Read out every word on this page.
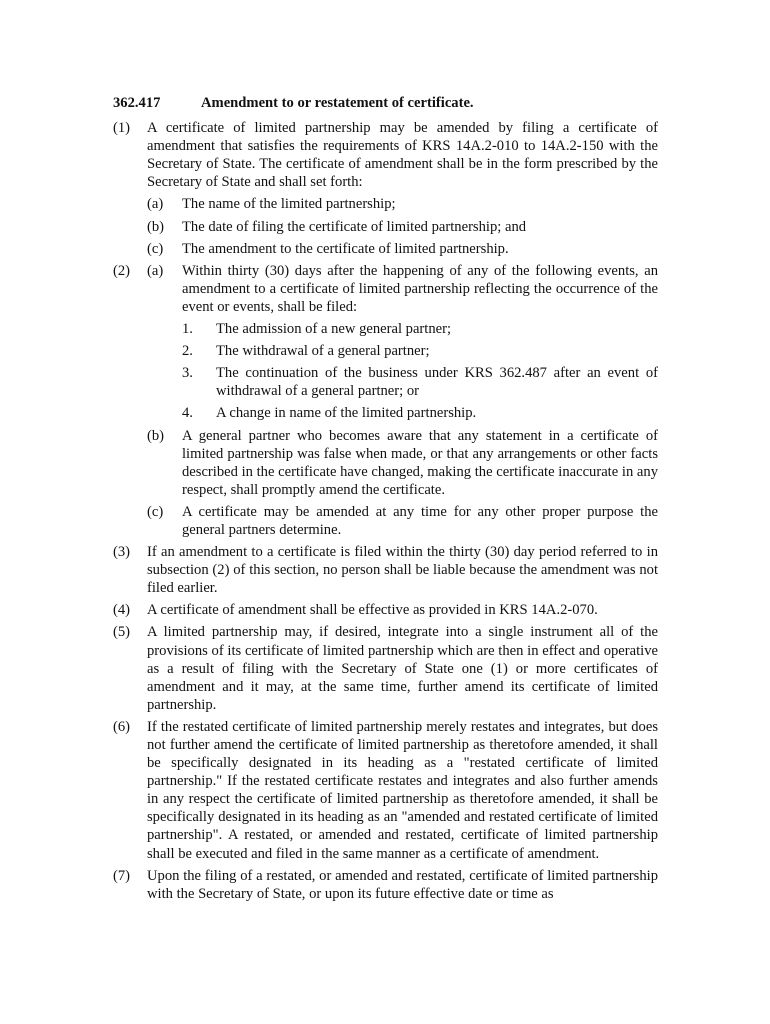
362.417	Amendment to or restatement of certificate.
(1) A certificate of limited partnership may be amended by filing a certificate of amendment that satisfies the requirements of KRS 14A.2-010 to 14A.2-150 with the Secretary of State. The certificate of amendment shall be in the form prescribed by the Secretary of State and shall set forth:
(a) The name of the limited partnership;
(b) The date of filing the certificate of limited partnership; and
(c) The amendment to the certificate of limited partnership.
(2) (a) Within thirty (30) days after the happening of any of the following events, an amendment to a certificate of limited partnership reflecting the occurrence of the event or events, shall be filed:
1. The admission of a new general partner;
2. The withdrawal of a general partner;
3. The continuation of the business under KRS 362.487 after an event of withdrawal of a general partner; or
4. A change in name of the limited partnership.
(b) A general partner who becomes aware that any statement in a certificate of limited partnership was false when made, or that any arrangements or other facts described in the certificate have changed, making the certificate inaccurate in any respect, shall promptly amend the certificate.
(c) A certificate may be amended at any time for any other proper purpose the general partners determine.
(3) If an amendment to a certificate is filed within the thirty (30) day period referred to in subsection (2) of this section, no person shall be liable because the amendment was not filed earlier.
(4) A certificate of amendment shall be effective as provided in KRS 14A.2-070.
(5) A limited partnership may, if desired, integrate into a single instrument all of the provisions of its certificate of limited partnership which are then in effect and operative as a result of filing with the Secretary of State one (1) or more certificates of amendment and it may, at the same time, further amend its certificate of limited partnership.
(6) If the restated certificate of limited partnership merely restates and integrates, but does not further amend the certificate of limited partnership as theretofore amended, it shall be specifically designated in its heading as a "restated certificate of limited partnership." If the restated certificate restates and integrates and also further amends in any respect the certificate of limited partnership as theretofore amended, it shall be specifically designated in its heading as an "amended and restated certificate of limited partnership". A restated, or amended and restated, certificate of limited partnership shall be executed and filed in the same manner as a certificate of amendment.
(7) Upon the filing of a restated, or amended and restated, certificate of limited partnership with the Secretary of State, or upon its future effective date or time as
